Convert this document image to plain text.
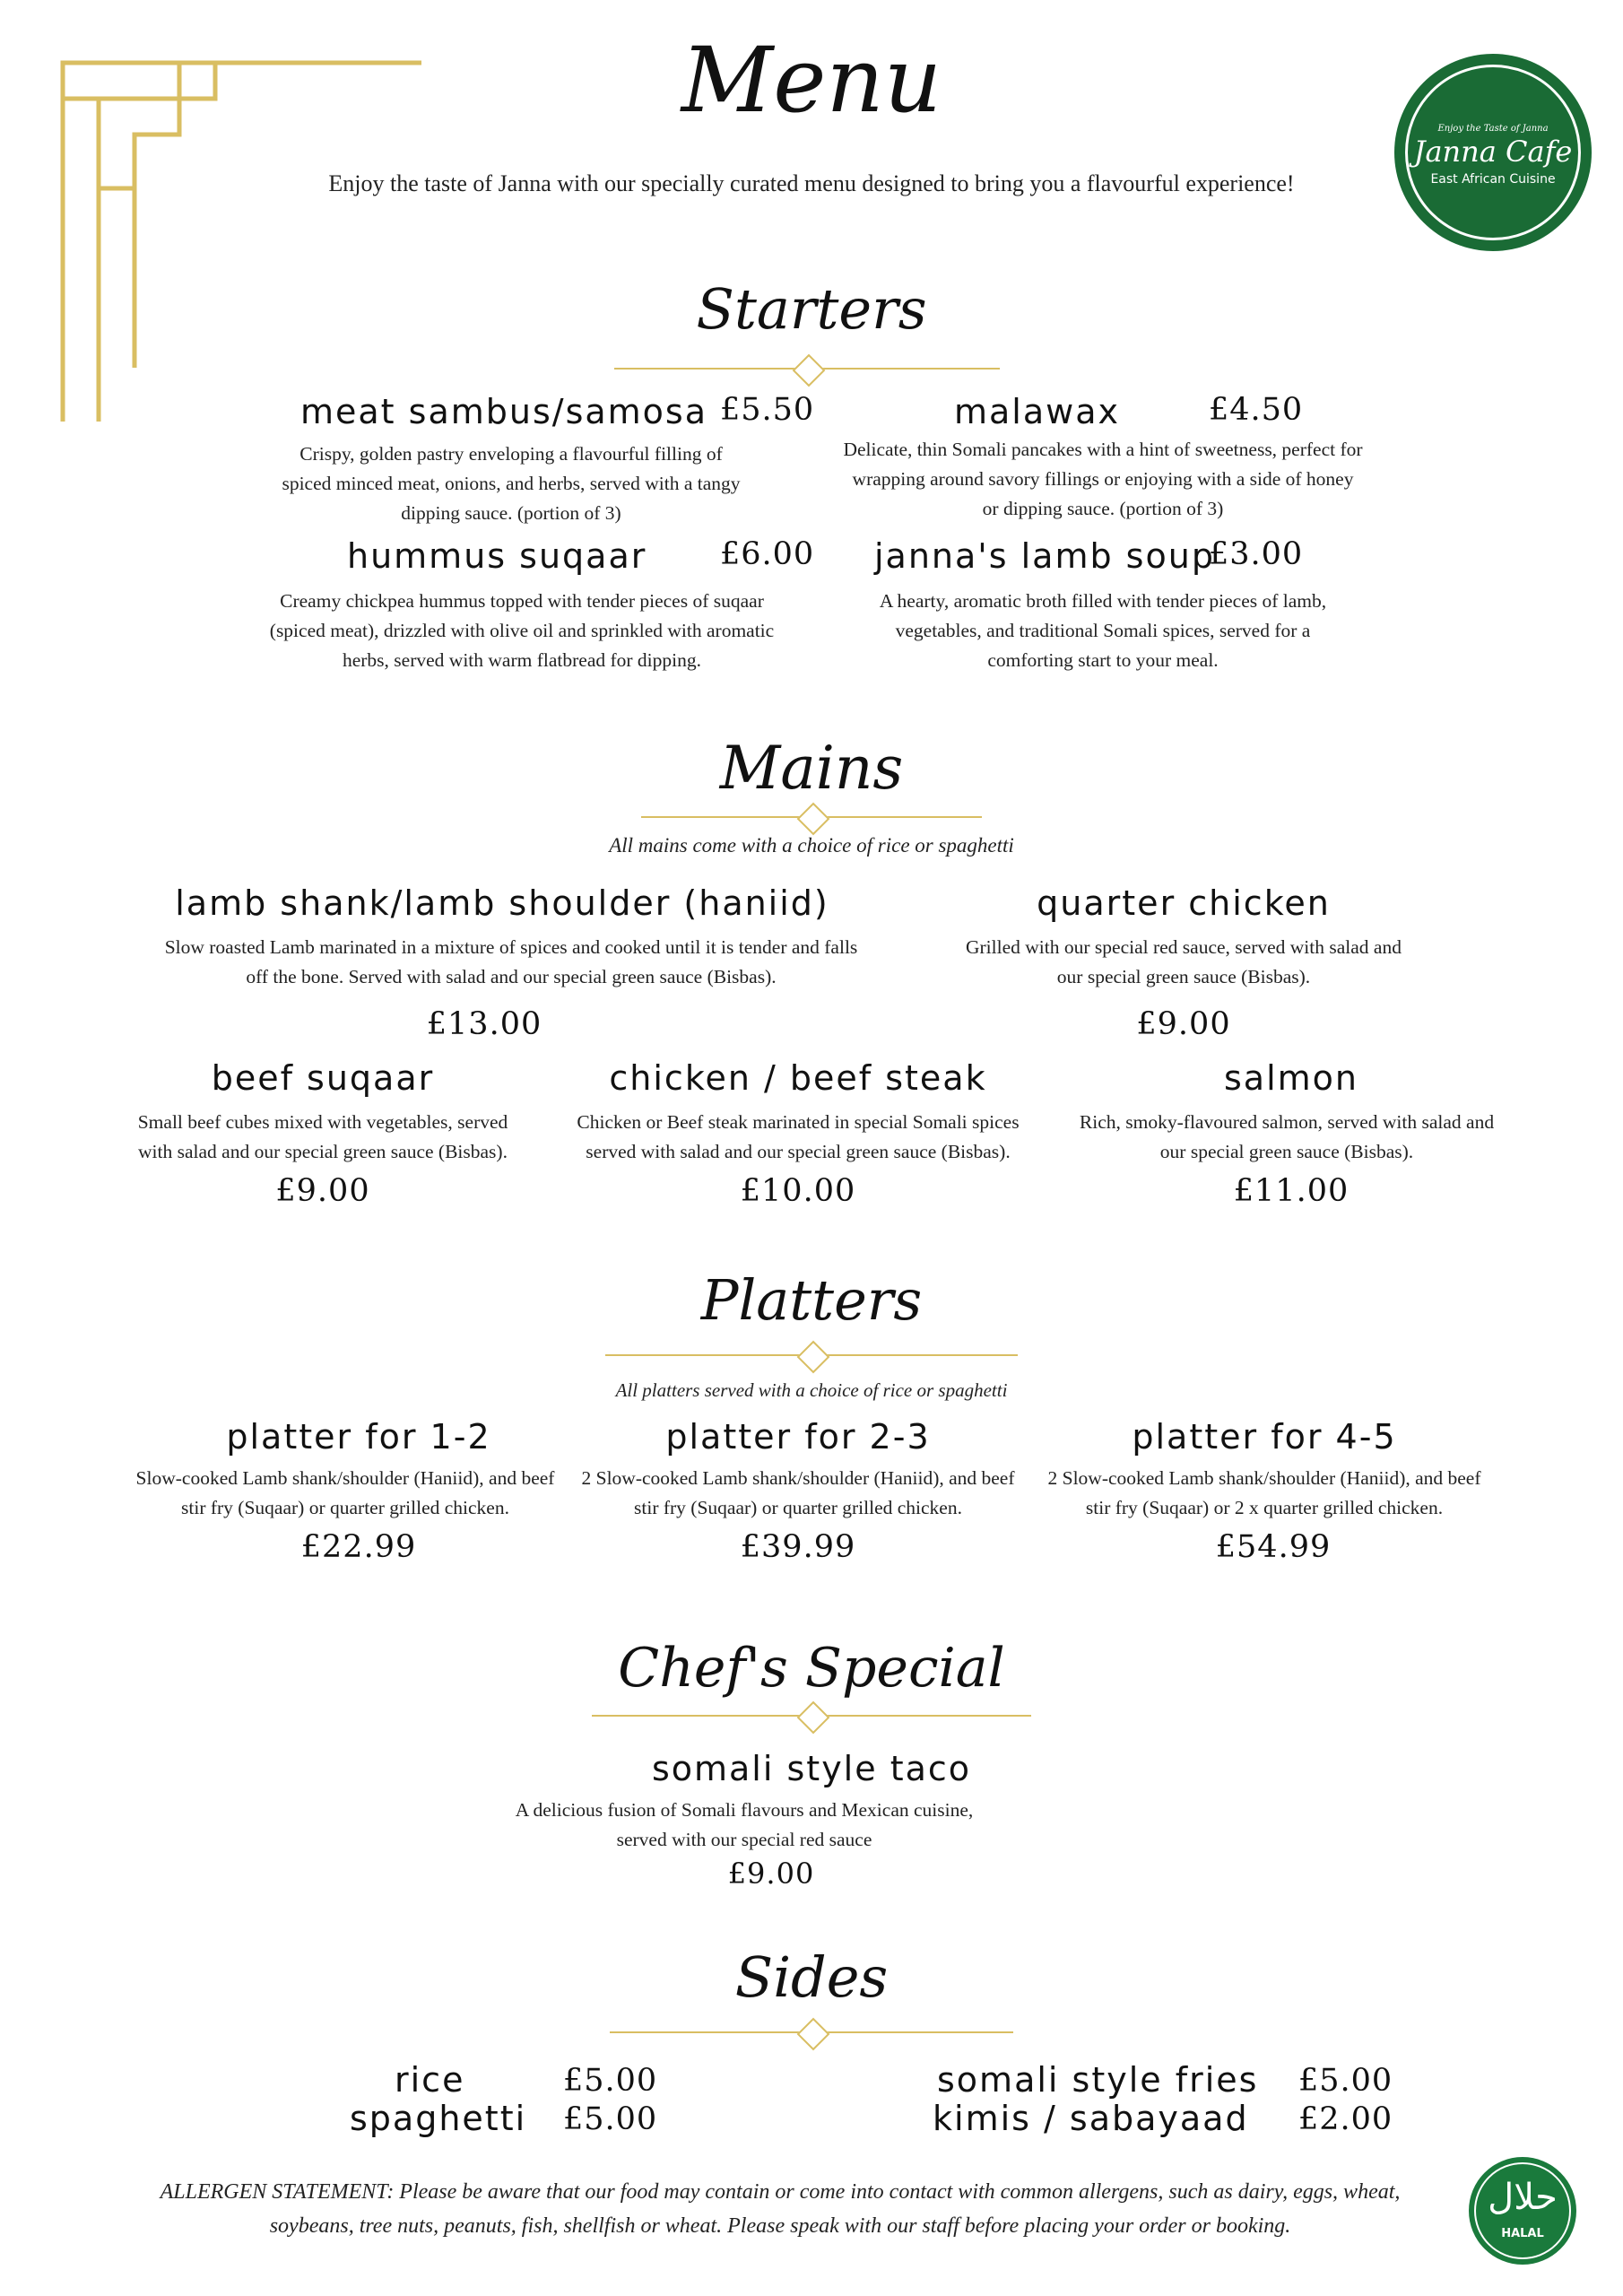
Menu
Enjoy the taste of Janna with our specially curated menu designed to bring you a flavourful experience!
Enjoy the Taste of Janna
Janna Cafe
East African Cuisine
Starters
meat sambus/samosa £5.50
Crispy, golden pastry enveloping a flavourful filling of spiced minced meat, onions, and herbs, served with a tangy dipping sauce. (portion of 3)
malawax	£4.50
Delicate, thin Somali pancakes with a hint of sweetness, perfect for wrapping around savory fillings or enjoying with a side of honey or dipping sauce. (portion of 3)
hummus suqaar £6.00
Creamy chickpea hummus topped with tender pieces of suqaar (spiced meat), drizzled with olive oil and sprinkled with aromatic herbs, served with warm flatbread for dipping.
janna's lamb soup
£3.00
A hearty, aromatic broth filled with tender pieces of lamb, vegetables, and traditional Somali spices, served for a comforting start to your meal.
Mains
All mains come with a choice of rice or spaghetti
lamb shank/lamb shoulder (haniid)
Slow roasted Lamb marinated in a mixture of spices and cooked until it is tender and falls off the bone. Served with salad and our special green sauce (Bisbas).
£13.00
quarter chicken
Grilled with our special red sauce, served with salad and our special green sauce (Bisbas).
£9.00
beef suqaar
Small beef cubes mixed with vegetables, served with salad and our special green sauce (Bisbas).
£9.00
chicken / beef steak
Chicken or Beef steak marinated in special Somali spices served with salad and our special green sauce (Bisbas).
£10.00
salmon
Rich, smoky-flavoured salmon, served with salad and our special green sauce (Bisbas).
£11.00
Platters
All platters served with a choice of rice or spaghetti
platter for 1-2
Slow-cooked Lamb shank/shoulder (Haniid), and beef stir fry (Suqaar) or quarter grilled chicken.
£22.99
platter for 2-3
2 Slow-cooked Lamb shank/shoulder (Haniid), and beef stir fry (Suqaar) or quarter grilled chicken.
£39.99
platter for 4-5
2 Slow-cooked Lamb shank/shoulder (Haniid), and beef stir fry (Suqaar) or 2 x quarter grilled chicken.
£54.99
Chef's Special
somali style taco
A delicious fusion of Somali flavours and Mexican cuisine, served with our special red sauce
£9.00
Sides
rice	£5.00
spaghetti £5.00
somali style fries £5.00
kimis / sabayaad £2.00
ALLERGEN STATEMENT: Please be aware that our food may contain or come into contact with common allergens, such as dairy, eggs, wheat, soybeans, tree nuts, peanuts, fish, shellfish or wheat. Please speak with our staff before placing your order or booking.
حلال
HALAL
